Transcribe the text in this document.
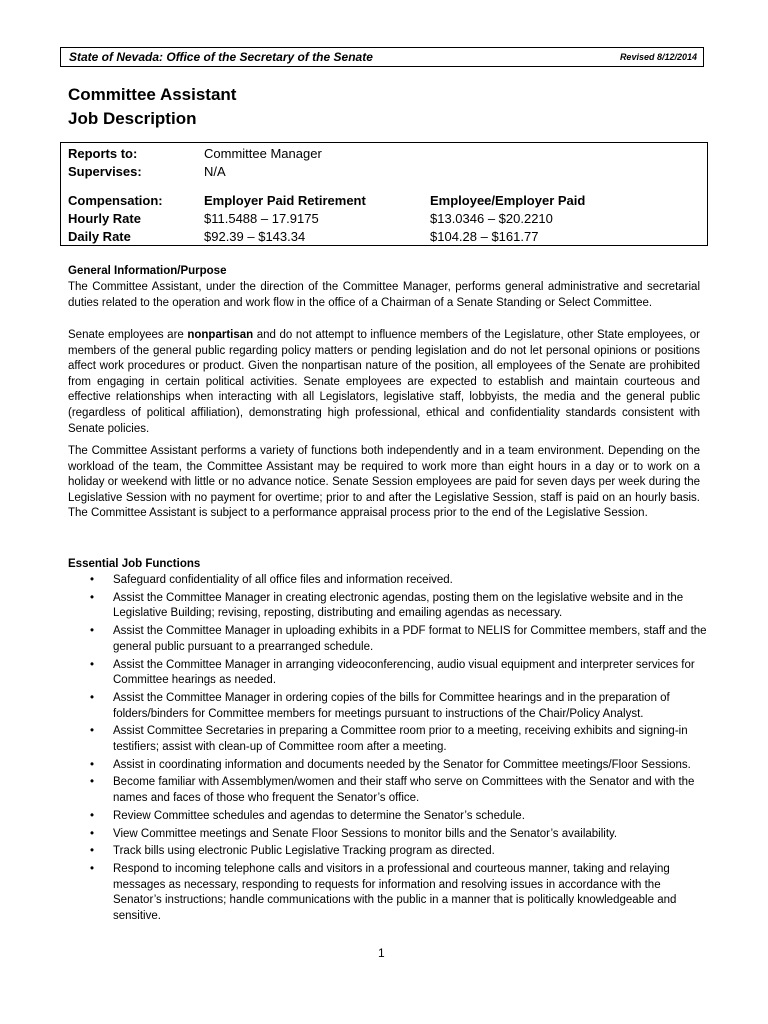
State of Nevada: Office of the Secretary of the Senate	Revised 8/12/2014
Committee Assistant
Job Description
Reports to:	Committee Manager
Supervises:	N/A
Compensation:	Employer Paid Retirement	Employee/Employer Paid
Hourly Rate	$11.5488 – 17.9175	$13.0346 – $20.2210
Daily Rate	$92.39 – $143.34	$104.28 – $161.77
General Information/Purpose
The Committee Assistant, under the direction of the Committee Manager, performs general administrative and secretarial duties related to the operation and work flow in the office of a Chairman of a Senate Standing or Select Committee.
Senate employees are nonpartisan and do not attempt to influence members of the Legislature, other State employees, or members of the general public regarding policy matters or pending legislation and do not let personal opinions or positions affect work procedures or product. Given the nonpartisan nature of the position, all employees of the Senate are prohibited from engaging in certain political activities. Senate employees are expected to establish and maintain courteous and effective relationships when interacting with all Legislators, legislative staff, lobbyists, the media and the general public (regardless of political affiliation), demonstrating high professional, ethical and confidentiality standards consistent with Senate policies.
The Committee Assistant performs a variety of functions both independently and in a team environment. Depending on the workload of the team, the Committee Assistant may be required to work more than eight hours in a day or to work on a holiday or weekend with little or no advance notice. Senate Session employees are paid for seven days per week during the Legislative Session with no payment for overtime; prior to and after the Legislative Session, staff is paid on an hourly basis. The Committee Assistant is subject to a performance appraisal process prior to the end of the Legislative Session.
Essential Job Functions
• Safeguard confidentiality of all office files and information received.
• Assist the Committee Manager in creating electronic agendas, posting them on the legislative website and in the Legislative Building; revising, reposting, distributing and emailing agendas as necessary.
• Assist the Committee Manager in uploading exhibits in a PDF format to NELIS for Committee members, staff and the general public pursuant to a prearranged schedule.
• Assist the Committee Manager in arranging videoconferencing, audio visual equipment and interpreter services for Committee hearings as needed.
• Assist the Committee Manager in ordering copies of the bills for Committee hearings and in the preparation of folders/binders for Committee members for meetings pursuant to instructions of the Chair/Policy Analyst.
• Assist Committee Secretaries in preparing a Committee room prior to a meeting, receiving exhibits and signing-in testifiers; assist with clean-up of Committee room after a meeting.
• Assist in coordinating information and documents needed by the Senator for Committee meetings/Floor Sessions.
• Become familiar with Assemblymen/women and their staff who serve on Committees with the Senator and with the names and faces of those who frequent the Senator’s office.
• Review Committee schedules and agendas to determine the Senator’s schedule.
• View Committee meetings and Senate Floor Sessions to monitor bills and the Senator’s availability.
• Track bills using electronic Public Legislative Tracking program as directed.
• Respond to incoming telephone calls and visitors in a professional and courteous manner, taking and relaying messages as necessary, responding to requests for information and resolving issues in accordance with the Senator’s instructions; handle communications with the public in a manner that is politically knowledgeable and sensitive.
1
